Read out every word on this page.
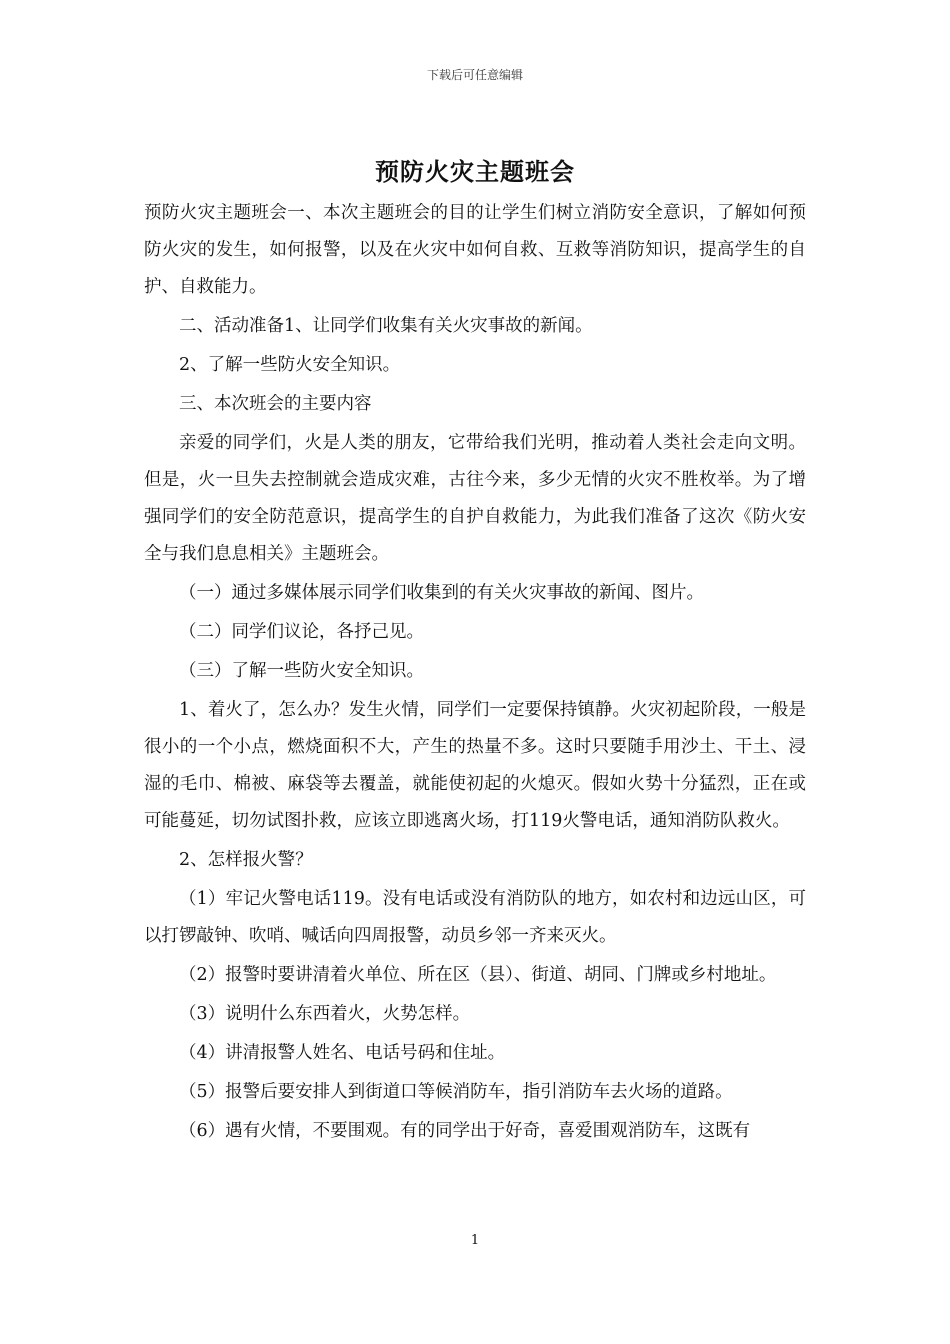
下载后可任意编辑
预防火灾主题班会

预防火灾主题班会一、本次主题班会的目的让学生们树立消防安全意识，了解如何预防火灾的发生，如何报警，以及在火灾中如何自救、互救等消防知识，提高学生的自护、自救能力。

二、活动准备1、让同学们收集有关火灾事故的新闻。

2、了解一些防火安全知识。

三、本次班会的主要内容

亲爱的同学们，火是人类的朋友，它带给我们光明，推动着人类社会走向文明。但是，火一旦失去控制就会造成灾难，古往今来，多少无情的火灾不胜枚举。为了增强同学们的安全防范意识，提高学生的自护自救能力，为此我们准备了这次《防火安全与我们息息相关》主题班会。

（一）通过多媒体展示同学们收集到的有关火灾事故的新闻、图片。

（二）同学们议论，各抒己见。

（三）了解一些防火安全知识。

1、着火了，怎么办？发生火情，同学们一定要保持镇静。火灾初起阶段，一般是很小的一个小点，燃烧面积不大，产生的热量不多。这时只要随手用沙土、干土、浸湿的毛巾、棉被、麻袋等去覆盖，就能使初起的火熄灭。假如火势十分猛烈，正在或可能蔓延，切勿试图扑救，应该立即逃离火场，打119火警电话，通知消防队救火。

2、怎样报火警？

（1）牢记火警电话119。没有电话或没有消防队的地方，如农村和边远山区，可以打锣敲钟、吹哨、喊话向四周报警，动员乡邻一齐来灭火。

（2）报警时要讲清着火单位、所在区（县）、街道、胡同、门牌或乡村地址。

（3）说明什么东西着火，火势怎样。

（4）讲清报警人姓名、电话号码和住址。

（5）报警后要安排人到街道口等候消防车，指引消防车去火场的道路。

（6）遇有火情，不要围观。有的同学出于好奇，喜爱围观消防车，这既有

1
